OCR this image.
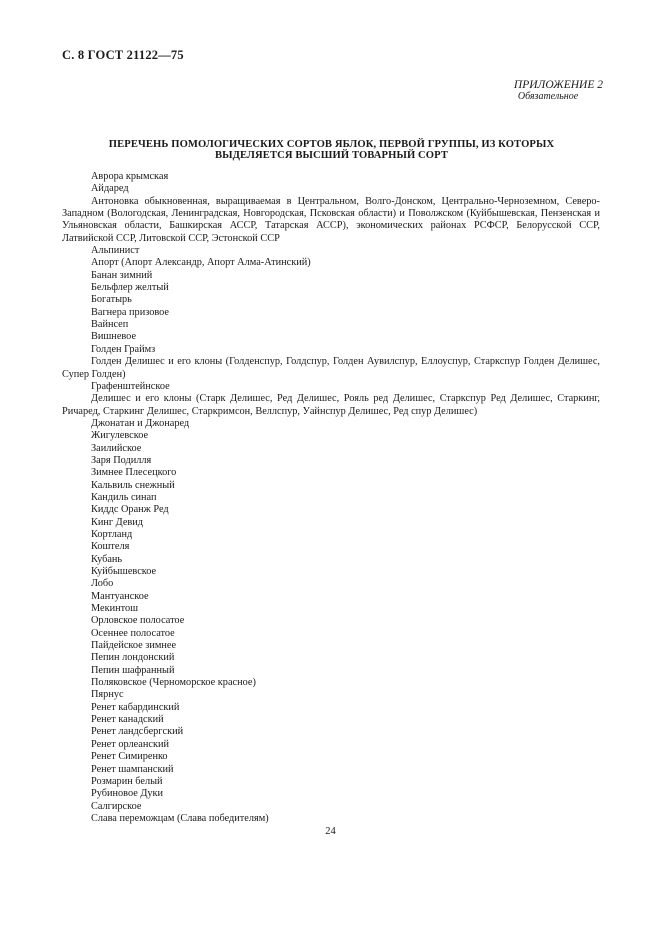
С. 8 ГОСТ 21122—75
ПРИЛОЖЕНИЕ 2
Обязательное
ПЕРЕЧЕНЬ ПОМОЛОГИЧЕСКИХ СОРТОВ ЯБЛОК, ПЕРВОЙ ГРУППЫ, ИЗ КОТОРЫХ
ВЫДЕЛЯЕТСЯ ВЫСШИЙ ТОВАРНЫЙ СОРТ
Аврора крымская
Айдаред
Антоновка обыкновенная, выращиваемая в Центральном, Волго-Донском, Центрально-Черноземном, Северо-Западном (Вологодская, Ленинградская, Новгородская, Псковская области) и Поволжском (Куйбышевская, Пензенская и Ульяновская области, Башкирская АССР, Татарская АССР), экономических районах РСФСР, Белорусской ССР, Латвийской ССР, Литовской ССР, Эстонской ССР
Альпинист
Апорт (Апорт Александр, Апорт Алма-Атинский)
Банан зимний
Бельфлер желтый
Богатырь
Вагнера призовое
Вайнсеп
Вишневое
Голден Граймз
Голден Делишес и его клоны (Голденспур, Голдспур, Голден Аувилспур, Еллоуспур, Старкспур Голден Делишес, Супер Голден)
Графенштейнское
Делишес и его клоны (Старк Делишес, Ред Делишес, Рояль ред Делишес, Старкспур Ред Делишес, Старкинг, Ричаред, Старкинг Делишес, Старкримсон, Веллспур, Уайнспур Делишес, Ред спур Делишес)
Джонатан и Джонаред
Жигулевское
Заилийское
Заря Подилля
Зимнее Плесецкого
Кальвиль снежный
Кандиль синап
Киддс Оранж Ред
Кинг Девид
Кортланд
Коштеля
Кубань
Куйбышевское
Лобо
Мантуанское
Мекинтош
Орловское полосатое
Осеннее полосатое
Пайдейское зимнее
Пепин лондонский
Пепин шафранный
Поляковское (Черноморское красное)
Пярнус
Ренет кабардинский
Ренет канадский
Ренет ландсбергский
Ренет орлеанский
Ренет Симиренко
Ренет шампанский
Розмарин белый
Рубиновое Дуки
Салгирское
Слава переможцам (Слава победителям)
24
